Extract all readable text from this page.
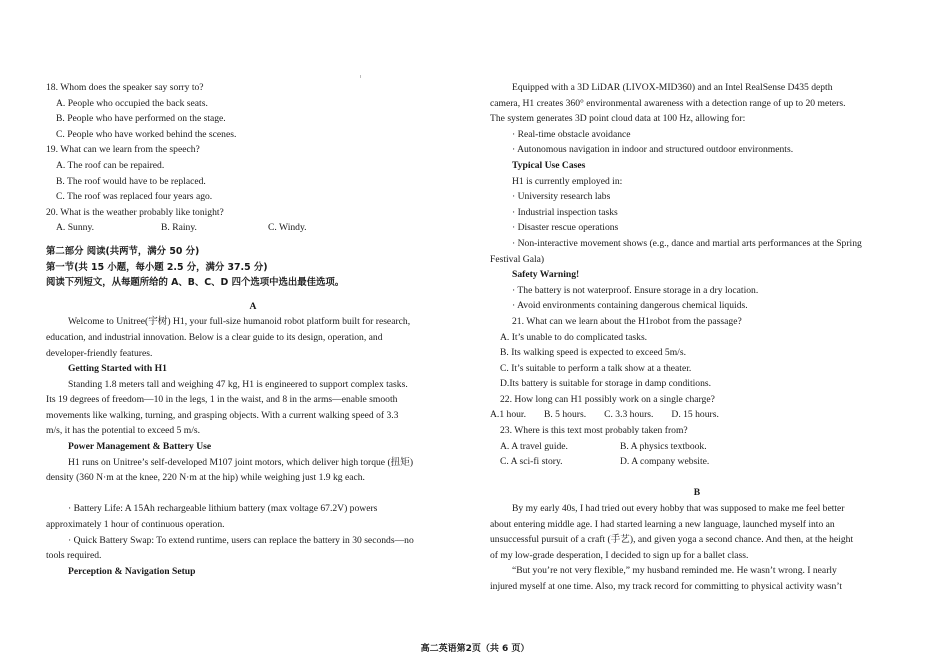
18. Whom does the speaker say sorry to?
A. People who occupied the back seats.
B. People who have performed on the stage.
C. People who have worked behind the scenes.
19. What can we learn from the speech?
A. The roof can be repaired.
B. The roof would have to be replaced.
C. The roof was replaced four years ago.
20. What is the weather probably like tonight?
A. Sunny.	B. Rainy.	C. Windy.
第二部分 阅读(共两节，满分 50 分)
第一节(共 15 小题，每小题 2.5 分，满分 37.5 分)
阅读下列短文，从每题所给的 A、B、C、D 四个选项中选出最佳选项。
A
Welcome to Unitree(宇树) H1, your full-size humanoid robot platform built for research,
education, and industrial innovation. Below is a clear guide to its design, operation, and
developer-friendly features.
Getting Started with H1
Standing 1.8 meters tall and weighing 47 kg, H1 is engineered to support complex tasks.
Its 19 degrees of freedom—10 in the legs, 1 in the waist, and 8 in the arms—enable smooth
movements like walking, turning, and grasping objects. With a current walking speed of 3.3
m/s, it has the potential to exceed 5 m/s.
Power Management & Battery Use
H1 runs on Unitree’s self-developed M107 joint motors, which deliver high torque (扭矩)
density (360 N·m at the knee, 220 N·m at the hip) while weighing just 1.9 kg each.
· Battery Life: A 15Ah rechargeable lithium battery (max voltage 67.2V) powers
approximately 1 hour of continuous operation.
· Quick Battery Swap: To extend runtime, users can replace the battery in 30 seconds—no
tools required.
Perception & Navigation Setup
Equipped with a 3D LiDAR (LIVOX-MID360) and an Intel RealSense D435 depth
camera, H1 creates 360° environmental awareness with a detection range of up to 20 meters.
The system generates 3D point cloud data at 100 Hz, allowing for:
· Real-time obstacle avoidance
· Autonomous navigation in indoor and structured outdoor environments.
Typical Use Cases
H1 is currently employed in:
· University research labs
· Industrial inspection tasks
· Disaster rescue operations
· Non-interactive movement shows (e.g., dance and martial arts performances at the Spring
Festival Gala)
Safety Warning!
· The battery is not waterproof. Ensure storage in a dry location.
· Avoid environments containing dangerous chemical liquids.
21. What can we learn about the H1robot from the passage?
A. It’s unable to do complicated tasks.
B. Its walking speed is expected to exceed 5m/s.
C. It’s suitable to perform a talk show at a theater.
D.Its battery is suitable for storage in damp conditions.
22. How long can H1 possibly work on a single charge?
A.1 hour. B. 5 hours. C. 3.3 hours. D. 15 hours.
23. Where is this text most probably taken from?
A. A travel guide.	B. A physics textbook.
C. A sci-fi story.	D. A company website.
B
By my early 40s, I had tried out every hobby that was supposed to make me feel better
about entering middle age. I had started learning a new language, launched myself into an
unsuccessful pursuit of a craft (手艺), and given yoga a second chance. And then, at the height
of my low-grade desperation, I decided to sign up for a ballet class.
“But you’re not very flexible,” my husband reminded me. He wasn’t wrong. I nearly
injured myself at one time. Also, my track record for committing to physical activity wasn’t
高二英语第2页（共 6 页）
